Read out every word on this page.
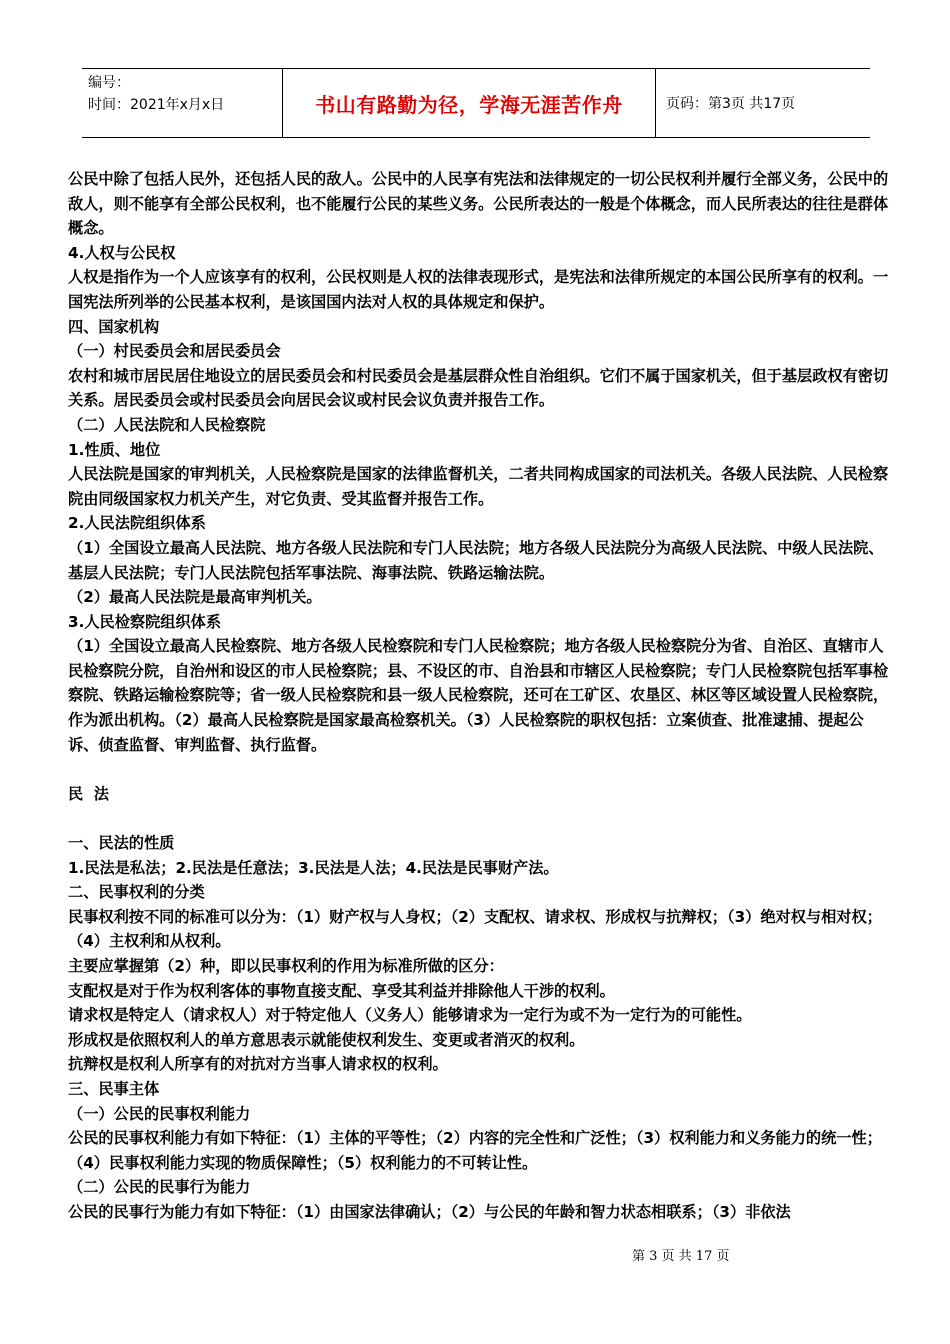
编号：
时间：2021年x月x日	书山有路勤为径，学海无涯苦作舟	页码：第3页 共17页

公民中除了包括人民外，还包括人民的敌人。公民中的人民享有宪法和法律规定的一切公民权利并履行全部义务，公民中的敌人，则不能享有全部公民权利，也不能履行公民的某些义务。公民所表达的一般是个体概念，而人民所表达的往往是群体概念。

4.人权与公民权

人权是指作为一个人应该享有的权利，公民权则是人权的法律表现形式，是宪法和法律所规定的本国公民所享有的权利。一国宪法所列举的公民基本权利，是该国国内法对人权的具体规定和保护。

四、国家机构

（一）村民委员会和居民委员会

农村和城市居民居住地设立的居民委员会和村民委员会是基层群众性自治组织。它们不属于国家机关，但于基层政权有密切关系。居民委员会或村民委员会向居民会议或村民会议负责并报告工作。

（二）人民法院和人民检察院

1.性质、地位

人民法院是国家的审判机关，人民检察院是国家的法律监督机关，二者共同构成国家的司法机关。各级人民法院、人民检察院由同级国家权力机关产生，对它负责、受其监督并报告工作。

2.人民法院组织体系

（1）全国设立最高人民法院、地方各级人民法院和专门人民法院；地方各级人民法院分为高级人民法院、中级人民法院、基层人民法院；专门人民法院包括军事法院、海事法院、铁路运输法院。

（2）最高人民法院是最高审判机关。

3.人民检察院组织体系

（1）全国设立最高人民检察院、地方各级人民检察院和专门人民检察院；地方各级人民检察院分为省、自治区、直辖市人民检察院分院，自治州和设区的市人民检察院；县、不设区的市、自治县和市辖区人民检察院；专门人民检察院包括军事检察院、铁路运输检察院等；省一级人民检察院和县一级人民检察院，还可在工矿区、农垦区、林区等区域设置人民检察院，作为派出机构。（2）最高人民检察院是国家最高检察机关。（3）人民检察院的职权包括：立案侦查、批准逮捕、提起公诉、侦查监督、审判监督、执行监督。

民  法

一、民法的性质

1.民法是私法；2.民法是任意法；3.民法是人法；4.民法是民事财产法。

二、民事权利的分类

民事权利按不同的标准可以分为：（1）财产权与人身权；（2）支配权、请求权、形成权与抗辩权；（3）绝对权与相对权；（4）主权利和从权利。

主要应掌握第（2）种，即以民事权利的作用为标准所做的区分：

支配权是对于作为权利客体的事物直接支配、享受其利益并排除他人干涉的权利。

请求权是特定人（请求权人）对于特定他人（义务人）能够请求为一定行为或不为一定行为的可能性。

形成权是依照权利人的单方意思表示就能使权利发生、变更或者消灭的权利。

抗辩权是权利人所享有的对抗对方当事人请求权的权利。

三、民事主体

（一）公民的民事权利能力

公民的民事权利能力有如下特征：（1）主体的平等性；（2）内容的完全性和广泛性；（3）权利能力和义务能力的统一性；（4）民事权利能力实现的物质保障性；（5）权利能力的不可转让性。

（二）公民的民事行为能力

公民的民事行为能力有如下特征：（1）由国家法律确认；（2）与公民的年龄和智力状态相联系；（3）非依法

第 3 页 共 17 页
